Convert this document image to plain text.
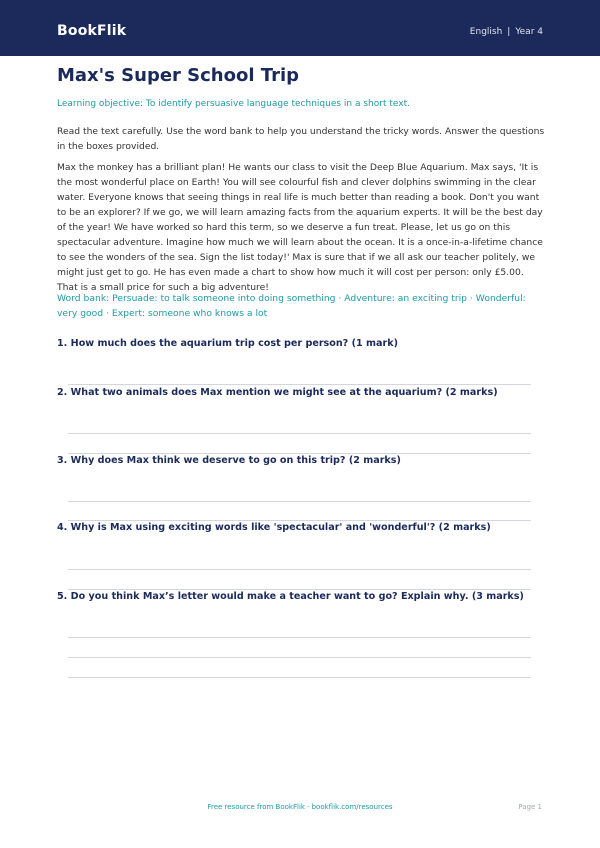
BookFlik	English | Year 4
Max's Super School Trip
Learning objective: To identify persuasive language techniques in a short text.
Read the text carefully. Use the word bank to help you understand the tricky words. Answer the questions in the boxes provided.
Max the monkey has a brilliant plan! He wants our class to visit the Deep Blue Aquarium. Max says, 'It is the most wonderful place on Earth! You will see colourful fish and clever dolphins swimming in the clear water. Everyone knows that seeing things in real life is much better than reading a book. Don't you want to be an explorer? If we go, we will learn amazing facts from the aquarium experts. It will be the best day of the year! We have worked so hard this term, so we deserve a fun treat. Please, let us go on this spectacular adventure. Imagine how much we will learn about the ocean. It is a once-in-a-lifetime chance to see the wonders of the sea. Sign the list today!' Max is sure that if we all ask our teacher politely, we might just get to go. He has even made a chart to show how much it will cost per person: only £5.00. That is a small price for such a big adventure!
Word bank: Persuade: to talk someone into doing something · Adventure: an exciting trip · Wonderful: very good · Expert: someone who knows a lot
1. How much does the aquarium trip cost per person? (1 mark)
2. What two animals does Max mention we might see at the aquarium? (2 marks)
3. Why does Max think we deserve to go on this trip? (2 marks)
4. Why is Max using exciting words like 'spectacular' and 'wonderful'? (2 marks)
5. Do you think Max’s letter would make a teacher want to go? Explain why. (3 marks)
Free resource from BookFlik · bookflik.com/resources	Page 1
